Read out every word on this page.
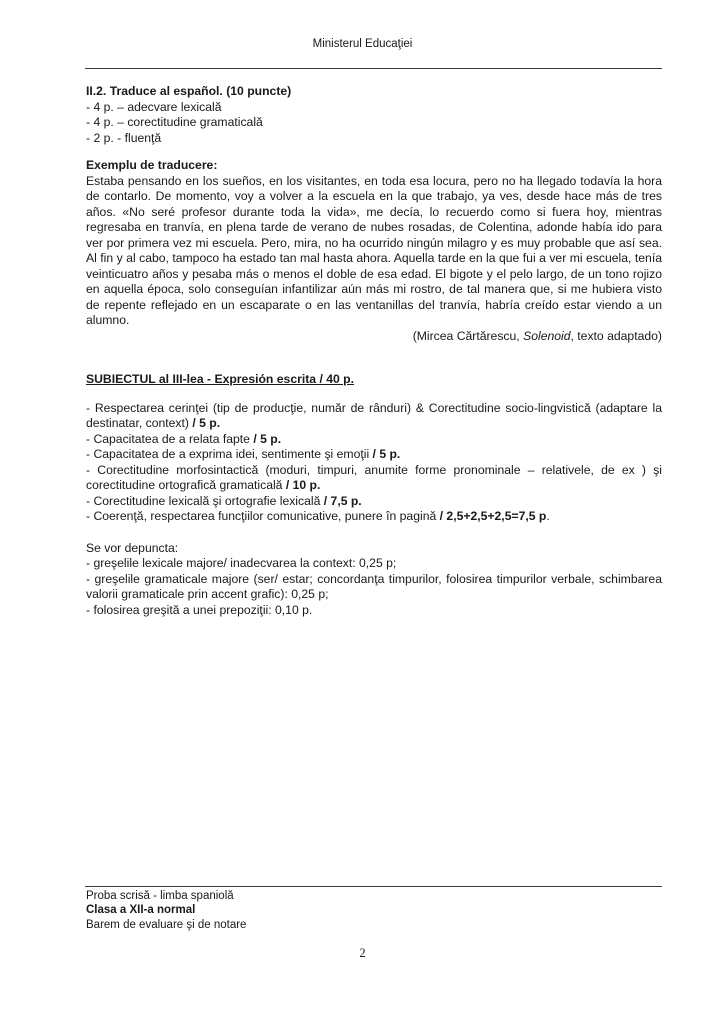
Ministerul Educaţiei
II.2. Traduce al español. (10 puncte)
- 4 p. – adecvare lexicală
- 4 p. – corectitudine gramaticală
- 2 p. - fluenţă
Exemplu de traducere:

Estaba pensando en los sueños, en los visitantes, en toda esa locura, pero no ha llegado todavía la hora de contarlo. De momento, voy a volver a la escuela en la que trabajo, ya ves, desde hace más de tres años. «No seré profesor durante toda la vida», me decía, lo recuerdo como si fuera hoy, mientras regresaba en tranvía, en plena tarde de verano de nubes rosadas, de Colentina, adonde había ido para ver por primera vez mi escuela. Pero, mira, no ha ocurrido ningún milagro y es muy probable que así sea. Al fin y al cabo, tampoco ha estado tan mal hasta ahora. Aquella tarde en la que fui a ver mi escuela, tenía veinticuatro años y pesaba más o menos el doble de esa edad. El bigote y el pelo largo, de un tono rojizo en aquella época, solo conseguían infantilizar aún más mi rostro, de tal manera que, si me hubiera visto de repente reflejado en un escaparate o en las ventanillas del tranvía, habría creído estar viendo a un alumno.

(Mircea Cărtărescu, Solenoid, texto adaptado)
SUBIECTUL al III-lea - Expresión escrita / 40 p.
- Respectarea cerinţei (tip de producţie, număr de rânduri) & Corectitudine socio-lingvistică (adaptare la destinatar, context) / 5 p.
- Capacitatea de a relata fapte / 5 p.
- Capacitatea de a exprima idei, sentimente şi emoţii / 5 p.
- Corectitudine morfosintactică (moduri, timpuri, anumite forme pronominale – relativele, de ex ) şi corectitudine ortografică gramaticală / 10 p.
- Corectitudine lexicală şi ortografie lexicală / 7,5 p.
- Coerenţă, respectarea funcţiilor comunicative, punere în pagină / 2,5+2,5+2,5=7,5 p.
Se vor depuncta:
- greşelile lexicale majore/ inadecvarea la context: 0,25 p;
- greşelile gramaticale majore (ser/ estar; concordanţa timpurilor, folosirea timpurilor verbale, schimbarea valorii gramaticale prin accent grafic): 0,25 p;
- folosirea greşită a unei prepoziţii: 0,10 p.
Proba scrisă - limba spaniolă
Clasa a XII-a normal
Barem de evaluare şi de notare
2
